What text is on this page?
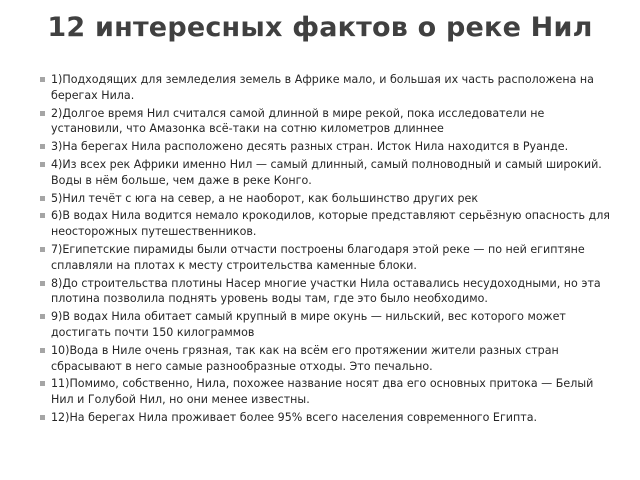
12 интересных фактов о реке Нил
1)Подходящих для земледелия земель в Африке мало, и большая их часть расположена на берегах Нила.
2)Долгое время Нил считался самой длинной в мире рекой, пока исследователи не установили, что Амазонка всё-таки на сотню километров длиннее
3)На берегах Нила расположено десять разных стран. Исток Нила находится в Руанде.
4)Из всех рек Африки именно Нил — самый длинный, самый полноводный и самый широкий. Воды в нём больше, чем даже в реке Конго.
5)Нил течёт с юга на север, а не наоборот, как большинство других рек
6)В водах Нила водится немало крокодилов, которые представляют серьёзную опасность для неосторожных путешественников.
7)Египетские пирамиды были отчасти построены благодаря этой реке — по ней египтяне сплавляли на плотах к месту строительства каменные блоки.
8)До строительства плотины Насер многие участки Нила оставались несудоходными, но эта плотина позволила поднять уровень воды там, где это было необходимо.
9)В водах Нила обитает самый крупный в мире окунь — нильский, вес которого может достигать почти 150 килограммов
10)Вода в Ниле очень грязная, так как на всём его протяжении жители разных стран сбрасывают в него самые разнообразные отходы. Это печально.
11)Помимо, собственно, Нила, похожее название носят два его основных притока — Белый Нил и Голубой Нил, но они менее известны.
12)На берегах Нила проживает более 95% всего населения современного Египта.
